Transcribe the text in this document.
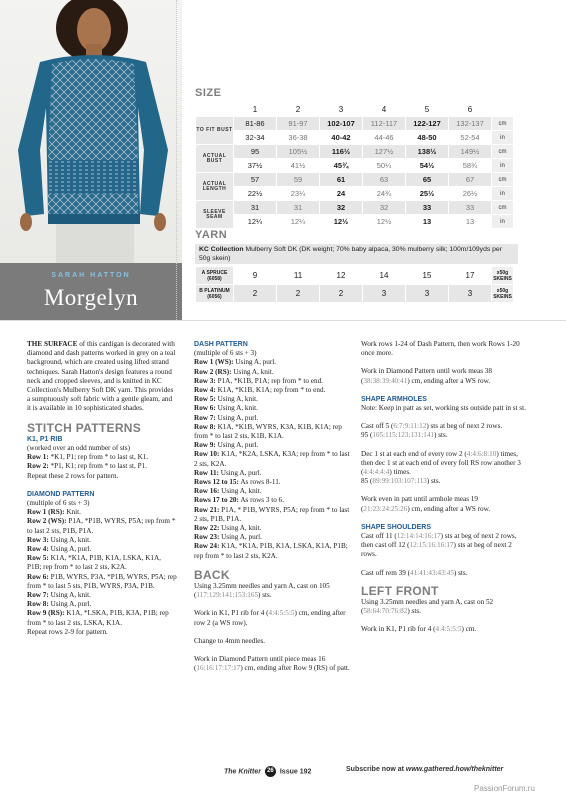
SARAH HATTON
Morgelyn
SIZE
	1	2	3	4	5	6	
TO FIT BUST	81-86	91-97	102-107	112-117	122-127	132-137	cm
	32-34	36-38	40-42	44-46	48-50	52-54	in
ACTUAL BUST	95	105½	116½	127½	138½	149½	cm
	37½	41½	45¾	50¼	54½	58¾	in
ACTUAL LENGTH	57	59	61	63	65	67	cm
	22½	23¼	24	24¾	25½	26½	in
SLEEVE SEAM	31	31	32	32	33	33	cm
	12¼	12¼	12½	12½	13	13	in
YARN
KC Collection Mulberry Soft DK (DK weight; 70% baby alpaca, 30% mulberry silk; 100m/109yds per 50g skein)
A SPRUCE (6058)	9	11	12	14	15	17	x50g SKEINS
B PLATINUM (6056)	2	2	2	3	3	3	x50g SKEINS

THE SURFACE of this cardigan is decorated with diamond and dash patterns worked in grey on a teal background, which are created using lifted strand techniques. Sarah Hatton's design features a round neck and cropped sleeves, and is knitted in KC Collection's Mulberry Soft DK yarn. This provides a sumptuously soft fabric with a gentle gleam, and it is available in 10 sophisticated shades.

STITCH PATTERNS
K1, P1 RIB

(worked over an odd number of sts)

Row 1: *K1, P1; rep from * to last st, K1.

Row 2: *P1, K1; rep from * to last st, P1.

Repeat these 2 rows for pattern.

DIAMOND PATTERN

(multiple of 6 sts + 3)

Row 1 (RS): Knit.

Row 2 (WS): P1A, *P1B, WYRS, P5A; rep from * to last 2 sts, P1B, P1A.

Row 3: Using A, knit.

Row 4: Using A, purl.

Row 5: K1A, *K1A, P1B, K1A, LSKA, K1A, P1B; rep from * to last 2 sts, K2A.

Row 6: P1B, WYRS, P3A, *P1B, WYRS, P5A; rep from * to last 5 sts, P1B, WYRS, P3A, P1B.

Row 7: Using A, knit.

Row 8: Using A, purl.

Row 9 (RS): K1A, *LSKA, P1B, K3A, P1B; rep from * to last 2 sts, LSKA, K1A.

Repeat rows 2-9 for pattern.

DASH PATTERN

(multiple of 6 sts + 3)

Row 1 (WS): Using A, purl.

Row 2 (RS): Using A, knit.

Row 3: P1A, *K1B, P1A; rep from * to end.

Row 4: K1A, *K1B, K1A; rep from * to end.

Row 5: Using A, knit.

Row 6: Using A, knit.

Row 7: Using A, purl.

Row 8: K1A, *K1B, WYRS, K3A, K1B, K1A; rep from * to last 2 sts, K1B, K1A.

Row 9: Using A, purl.

Row 10: K1A, *K2A, LSKA, K3A; rep from * to last 2 sts, K2A.

Row 11: Using A, purl.

Rows 12 to 15: As rows 8-11.

Row 16: Using A, knit.

Rows 17 to 20: As rows 3 to 6.

Row 21: P1A, * P1B, WYRS, P5A; rep from * to last 2 sts, P1B, P1A.

Row 22: Using A, knit.

Row 23: Using A, purl.

Row 24: K1A, *K1A, P1B, K1A, LSKA, K1A, P1B; rep from * to last 2 sts, K2A.

BACK

Using 3.25mm needles and yarn A, cast on 105 (117:129:141:153:165) sts.

Work in K1, P1 rib for 4 (4:4:5:5:5) cm, ending after row 2 (a WS row).

Change to 4mm needles.

Work in Diamond Pattern until piece meas 16 (16:16:17:17:17) cm, ending after Row 9 (RS) of patt.

Work rows 1-24 of Dash Pattern, then work Rows 1-20 once more.

Work in Diamond Pattern until work meas 38 (38:38:39:40:41) cm, ending after a WS row.

SHAPE ARMHOLES

Note: Keep in patt as set, working sts outside patt in st st.

Cast off 5 (6:7:9:11:12) sts at beg of next 2 rows.

95 (105:115:123:131:141) sts.

Dec 1 st at each end of every row 2 (4:4:6:8:10) times, then dec 1 st at each end of every foll RS row another 3 (4:4:4:4:4) times.

85 (89:99:103:107:113) sts.

Work even in patt until armhole meas 19 (21:23:24:25:26) cm, ending after a WS row.

SHAPE SHOULDERS

Cast off 11 (12:14:14:16:17) sts at beg of next 2 rows, then cast off 12 (12:15:16:16:17) sts at beg of next 2 rows.

Cast off rem 39 (41:41:43:43:45) sts.

LEFT FRONT

Using 3.25mm needles and yarn A, cast on 52 (58:64:70:76:82) sts.

Work in K1, P1 rib for 4 (4:4:5:5:5) cm.

The Knitter 26 Issue 192	Subscribe now at www.gathered.how/theknitter
PassionForum.ru
